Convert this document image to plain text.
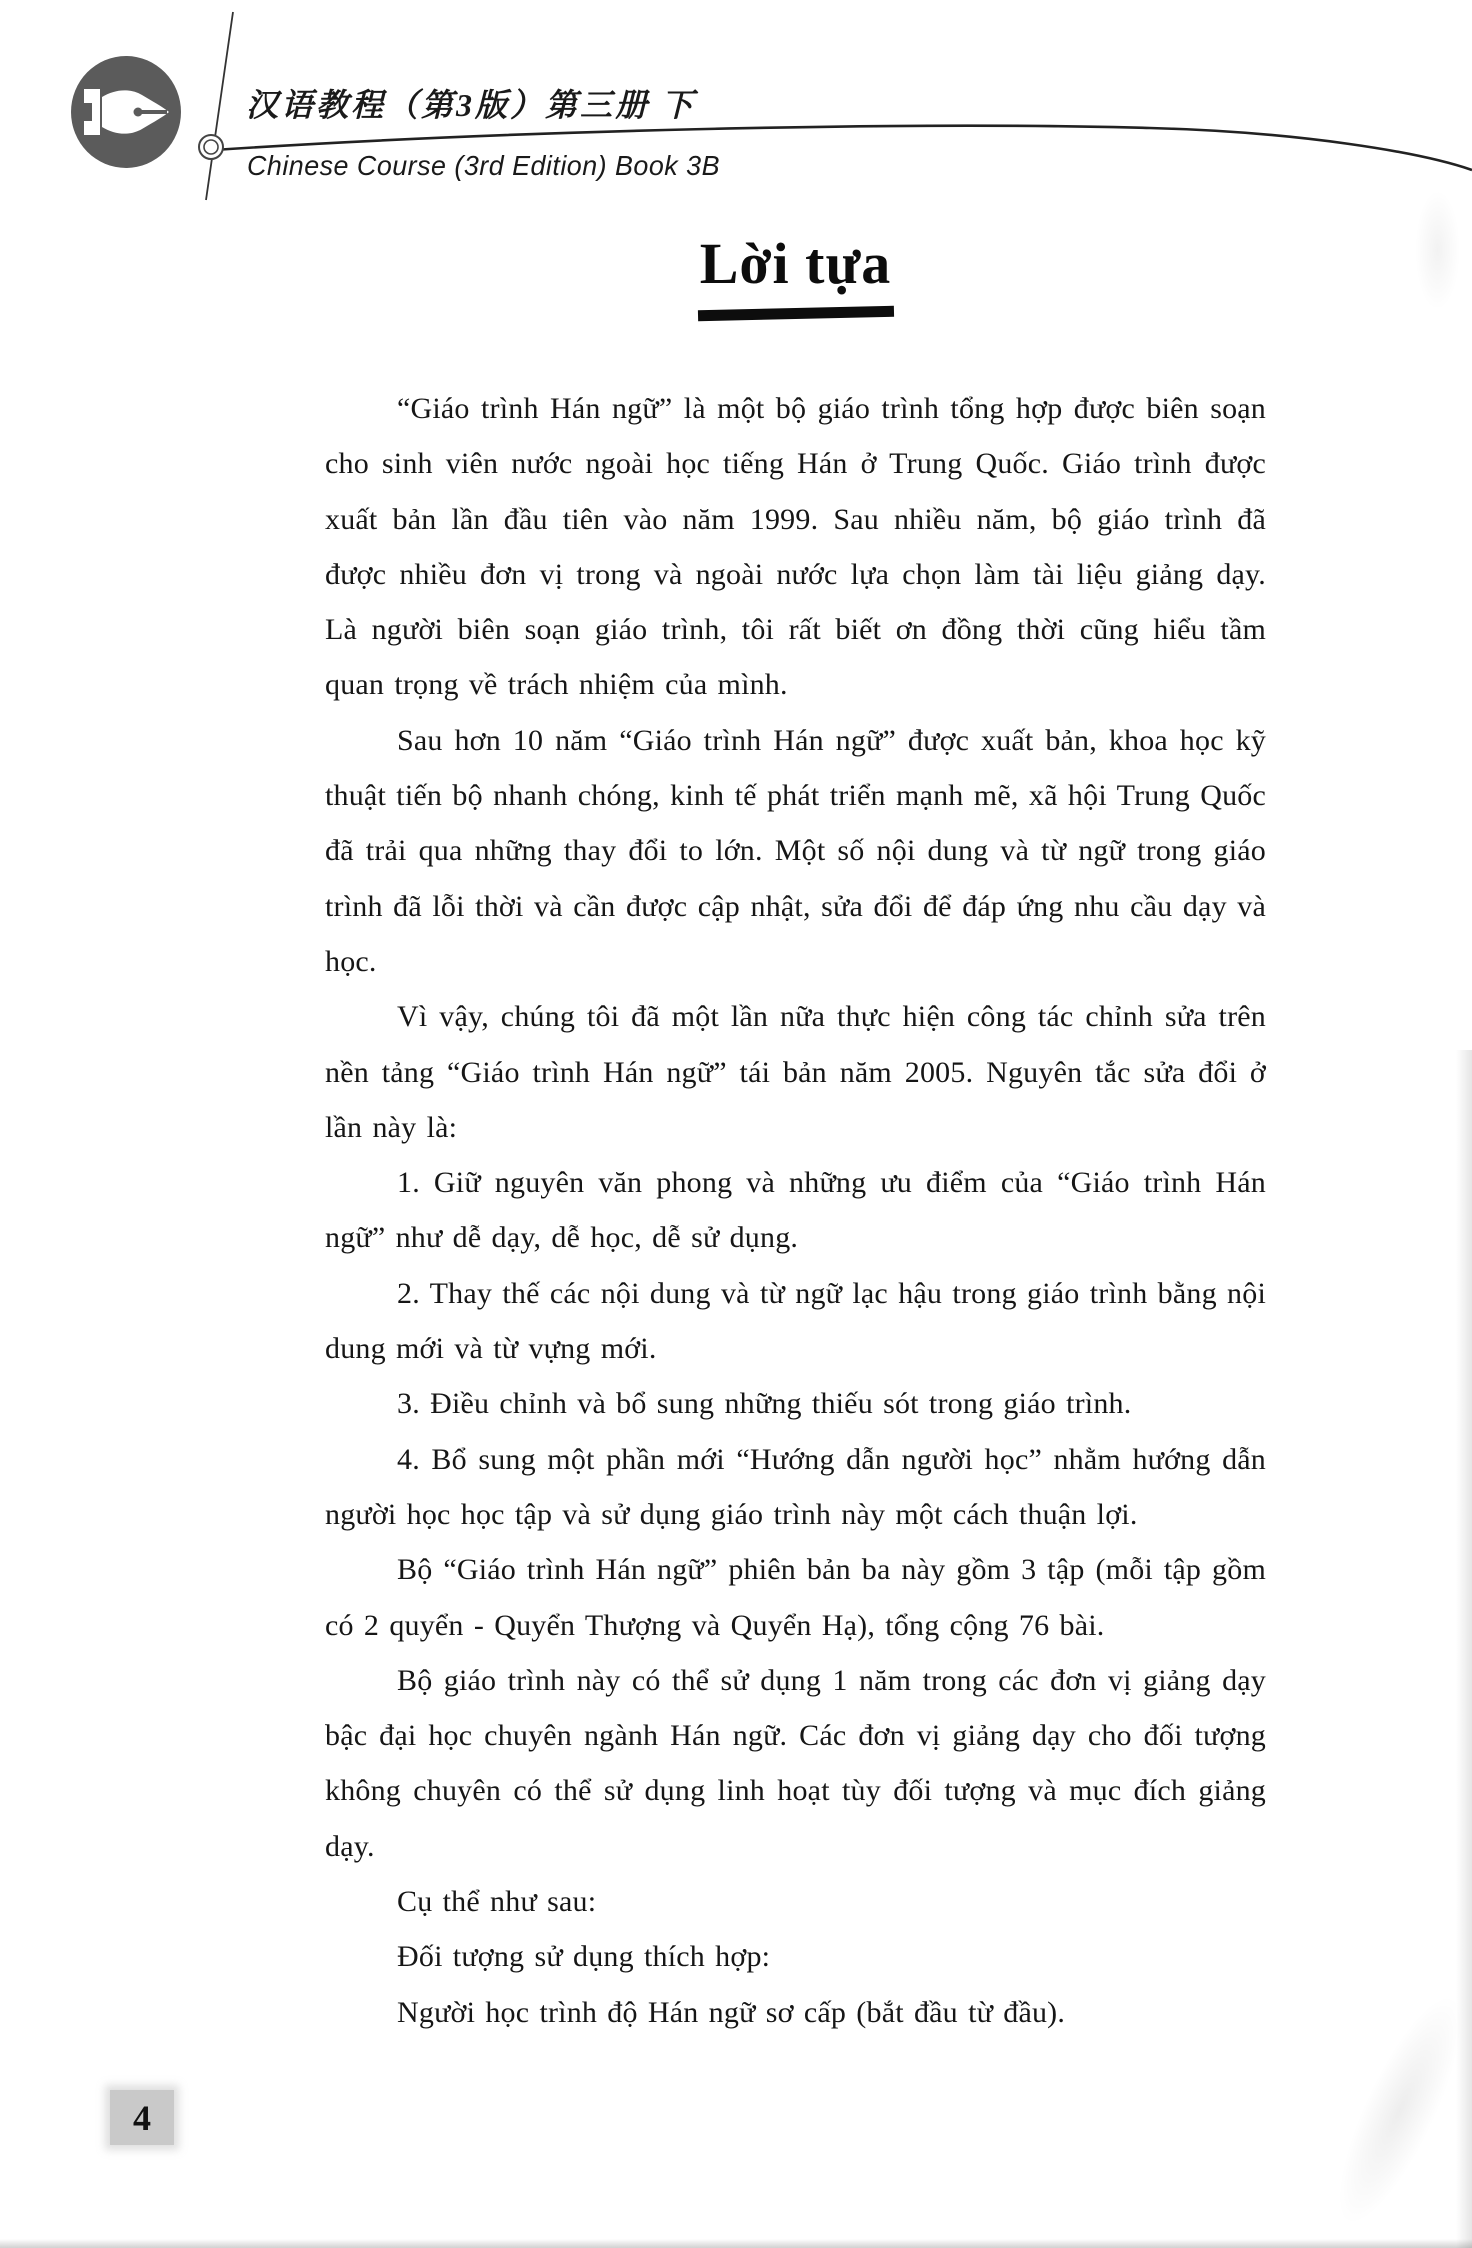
汉语教程（第3版）第三册 下
Chinese Course (3rd Edition) Book 3B
Lời tựa

“Giáo trình Hán ngữ” là một bộ giáo trình tổng hợp được biên soạn cho sinh viên nước ngoài học tiếng Hán ở Trung Quốc. Giáo trình được xuất bản lần đầu tiên vào năm 1999. Sau nhiều năm, bộ giáo trình đã được nhiều đơn vị trong và ngoài nước lựa chọn làm tài liệu giảng dạy. Là người biên soạn giáo trình, tôi rất biết ơn đồng thời cũng hiểu tầm quan trọng về trách nhiệm của mình.

Sau hơn 10 năm “Giáo trình Hán ngữ” được xuất bản, khoa học kỹ thuật tiến bộ nhanh chóng, kinh tế phát triển mạnh mẽ, xã hội Trung Quốc đã trải qua những thay đổi to lớn. Một số nội dung và từ ngữ trong giáo trình đã lỗi thời và cần được cập nhật, sửa đổi để đáp ứng nhu cầu dạy và học.

Vì vậy, chúng tôi đã một lần nữa thực hiện công tác chỉnh sửa trên nền tảng “Giáo trình Hán ngữ” tái bản năm 2005. Nguyên tắc sửa đổi ở lần này là:

1. Giữ nguyên văn phong và những ưu điểm của “Giáo trình Hán ngữ” như dễ dạy, dễ học, dễ sử dụng.

2. Thay thế các nội dung và từ ngữ lạc hậu trong giáo trình bằng nội dung mới và từ vựng mới.

3. Điều chỉnh và bổ sung những thiếu sót trong giáo trình.

4. Bổ sung một phần mới “Hướng dẫn người học” nhằm hướng dẫn người học học tập và sử dụng giáo trình này một cách thuận lợi.

Bộ “Giáo trình Hán ngữ” phiên bản ba này gồm 3 tập (mỗi tập gồm có 2 quyển - Quyển Thượng và Quyển Hạ), tổng cộng 76 bài.

Bộ giáo trình này có thể sử dụng 1 năm trong các đơn vị giảng dạy bậc đại học chuyên ngành Hán ngữ. Các đơn vị giảng dạy cho đối tượng không chuyên có thể sử dụng linh hoạt tùy đối tượng và mục đích giảng dạy.

Cụ thể như sau:

Đối tượng sử dụng thích hợp:

Người học trình độ Hán ngữ sơ cấp (bắt đầu từ đầu).

4
